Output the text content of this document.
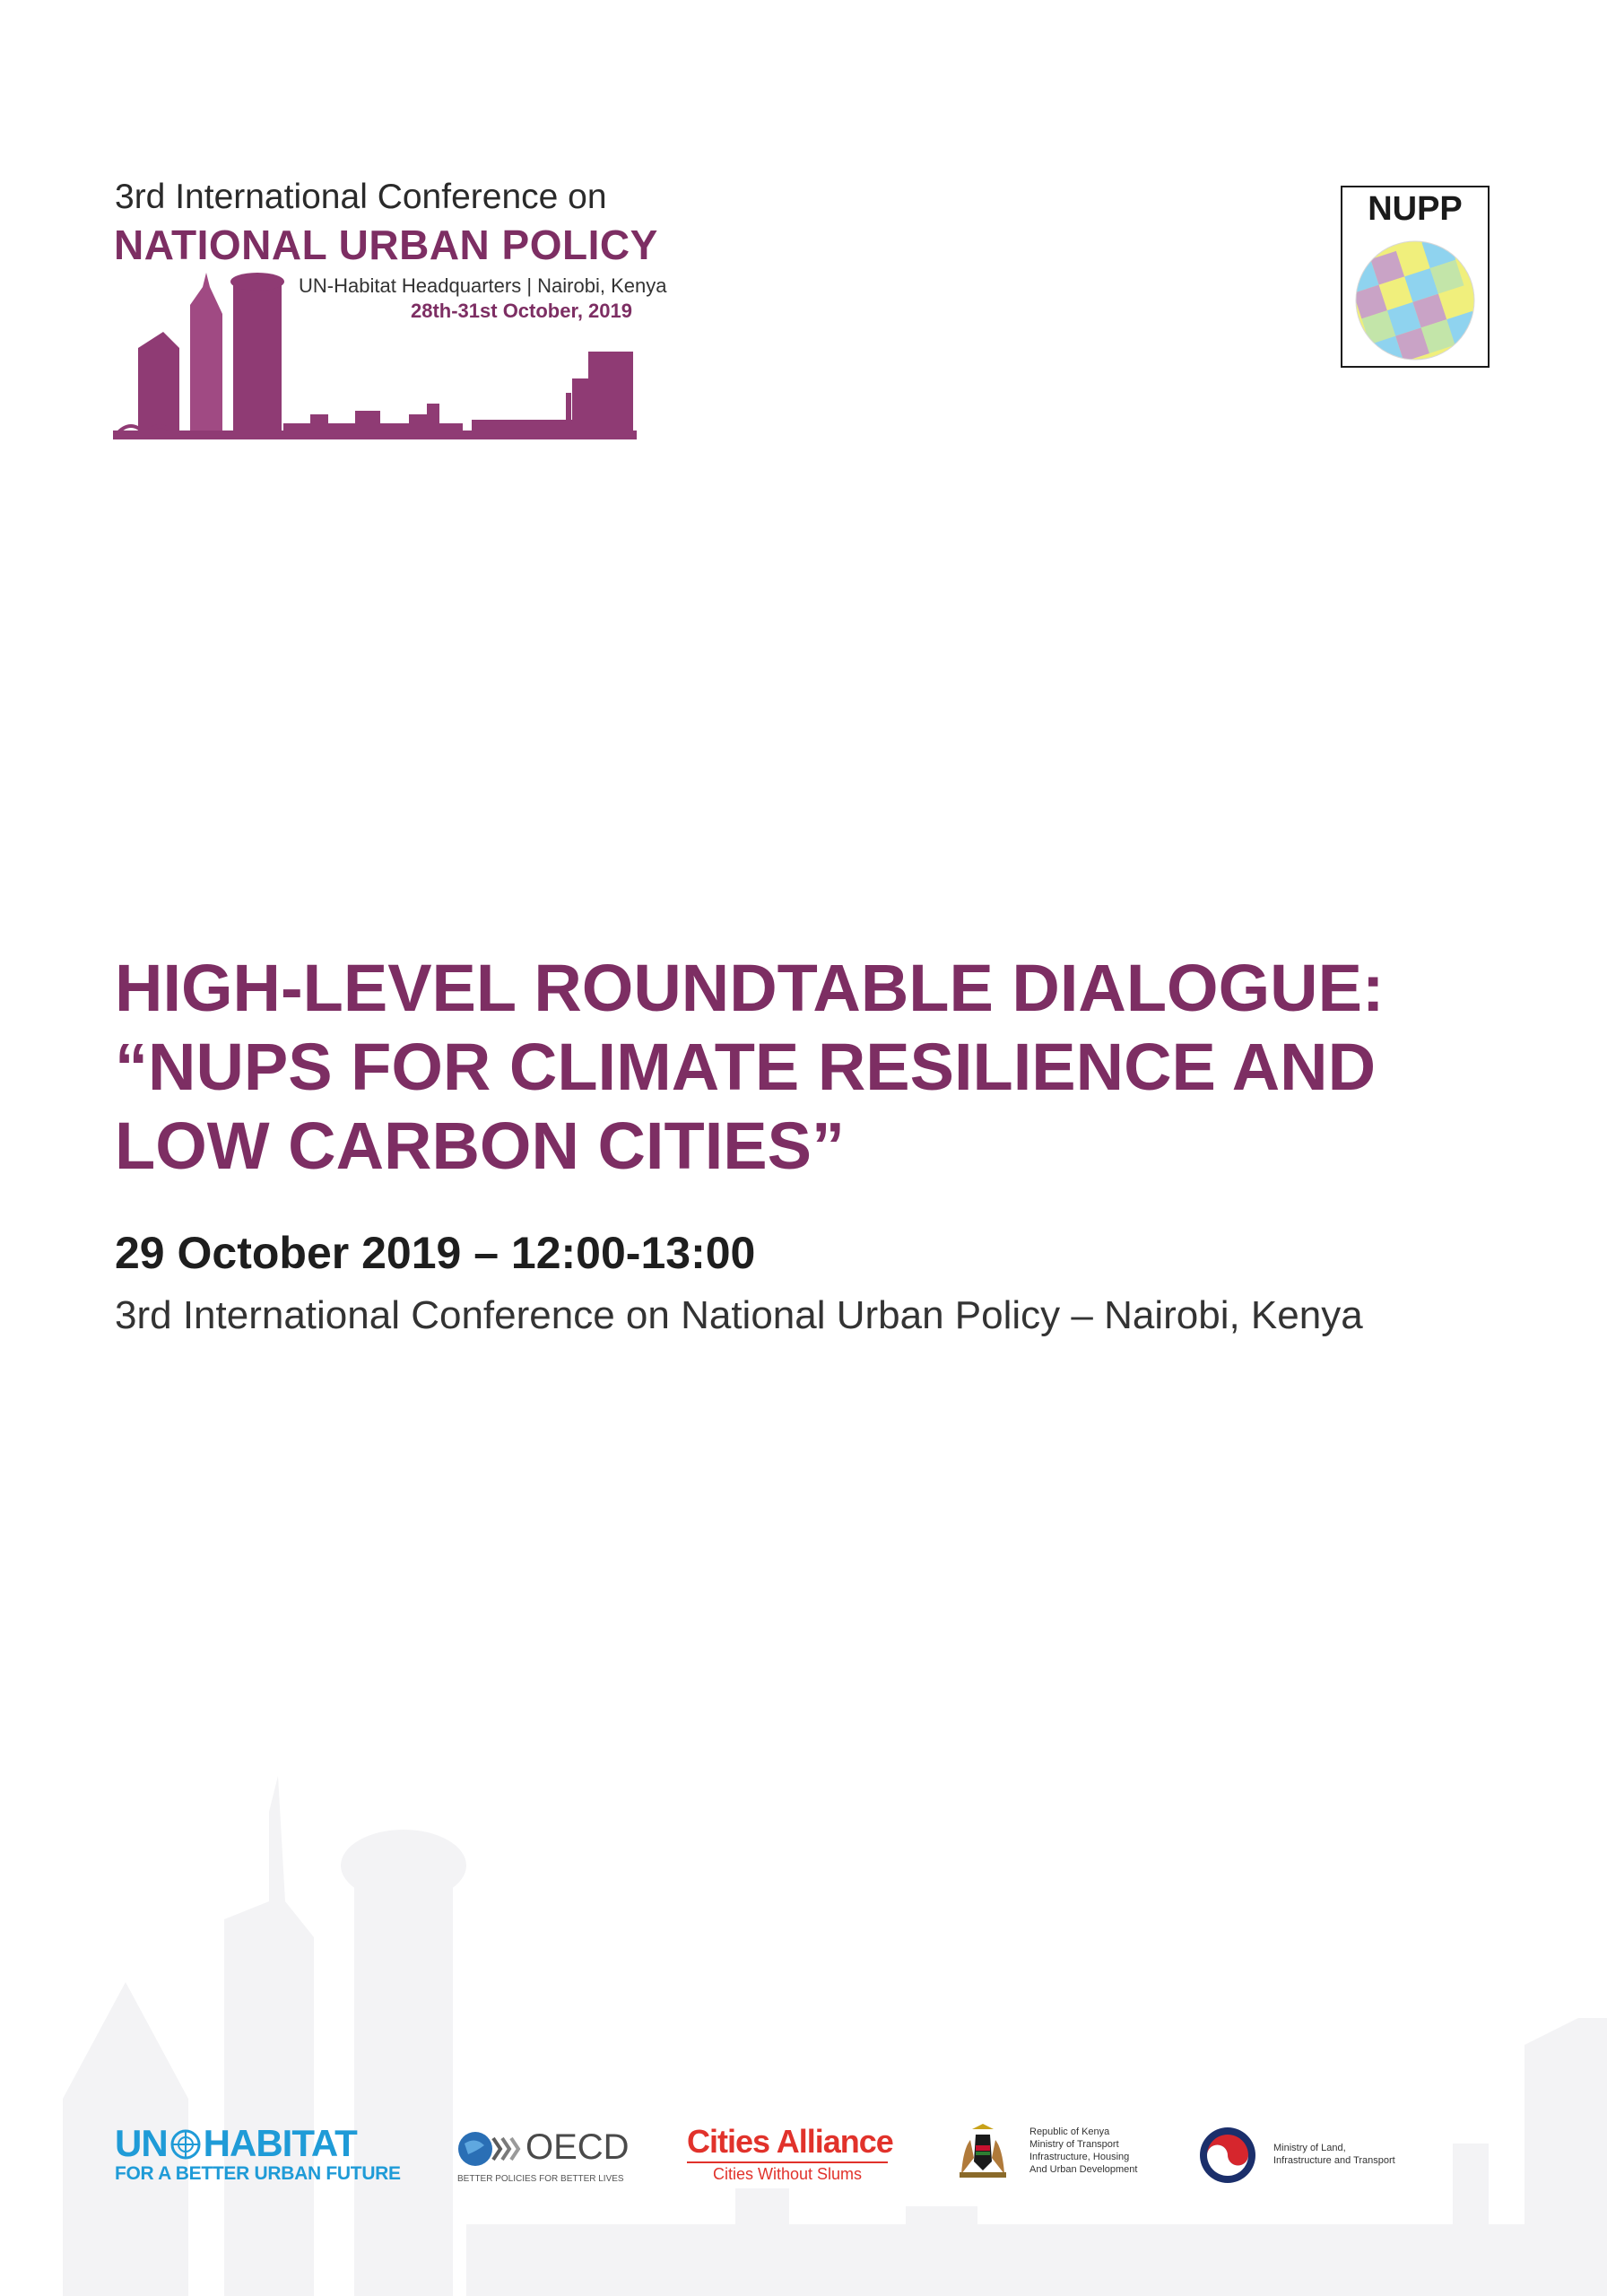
3rd International Conference on
NATIONAL URBAN POLICY
UN-Habitat Headquarters | Nairobi, Kenya
28th-31st October, 2019
NUPP
HIGH-LEVEL ROUNDTABLE DIALOGUE:
“NUPS FOR CLIMATE RESILIENCE AND
LOW CARBON CITIES”
29 October 2019 – 12:00-13:00
3rd International Conference on National Urban Policy – Nairobi, Kenya
UN HABITAT
FOR A BETTER URBAN FUTURE
OECD
BETTER POLICIES FOR BETTER LIVES
Cities Alliance
Cities Without Slums
Republic of Kenya
Ministry of Transport
Infrastructure, Housing
And Urban Development
Ministry of Land,
Infrastructure and Transport
